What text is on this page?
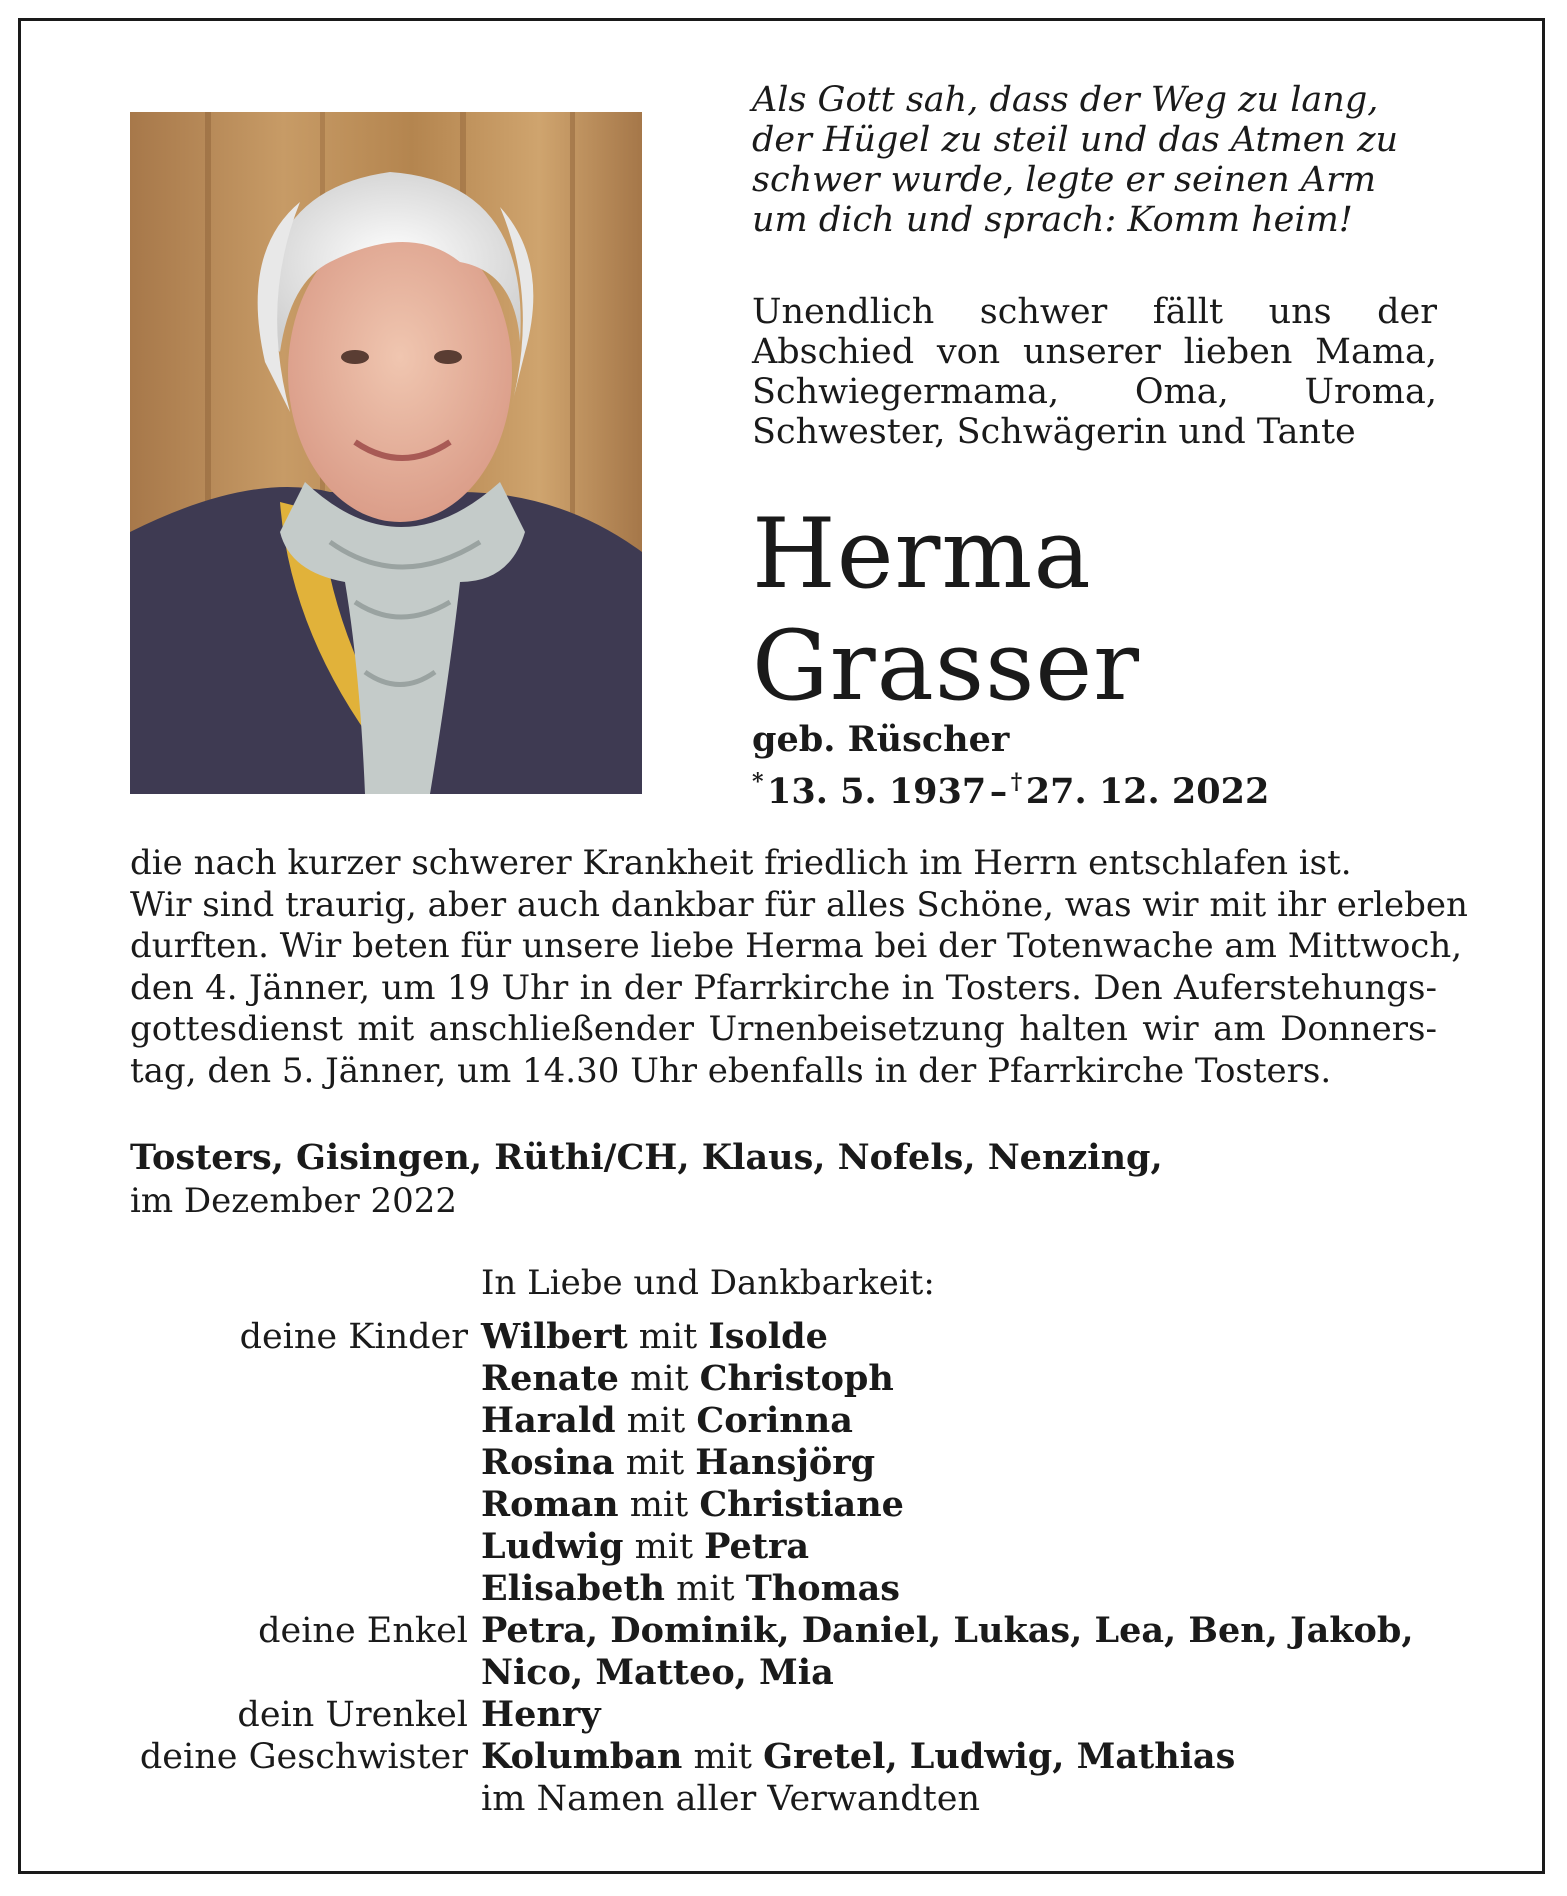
Als Gott sah, dass der Weg zu lang,
der Hügel zu steil und das Atmen zu
schwer wurde, legte er seinen Arm
um dich und sprach: Komm heim!
Unendlich schwer fällt uns der Abschied von unserer lieben Mama, Schwiegermama, Oma, Uroma, Schwester, Schwägerin und Tante
Herma
Grasser
geb. Rüscher
*  13. 5. 1937  –  †  27. 12. 2022
die nach kurzer schwerer Krankheit friedlich im Herrn entschlafen ist.
Wir sind traurig, aber auch dankbar für alles Schöne, was wir mit ihr erleben
durften. Wir beten für unsere liebe Herma bei der Totenwache am Mittwoch,
den 4. Jänner, um 19 Uhr in der Pfarrkirche in Tosters. Den Auferstehungs-
gottesdienst mit anschließender Urnenbeisetzung halten wir am Donners-
tag, den 5. Jänner, um 14.30 Uhr ebenfalls in der Pfarrkirche Tosters.
Tosters, Gisingen, Rüthi/CH, Klaus, Nofels, Nenzing,
im Dezember 2022
In Liebe und Dankbarkeit:
deine Kinder Wilbert mit Isolde
Renate mit Christoph
Harald mit Corinna
Rosina mit Hansjörg
Roman mit Christiane
Ludwig mit Petra
Elisabeth mit Thomas
deine Enkel Petra, Dominik, Daniel, Lukas, Lea, Ben, Jakob,
Nico, Matteo, Mia
dein Urenkel Henry
deine Geschwister Kolumban mit Gretel, Ludwig, Mathias
im Namen aller Verwandten
